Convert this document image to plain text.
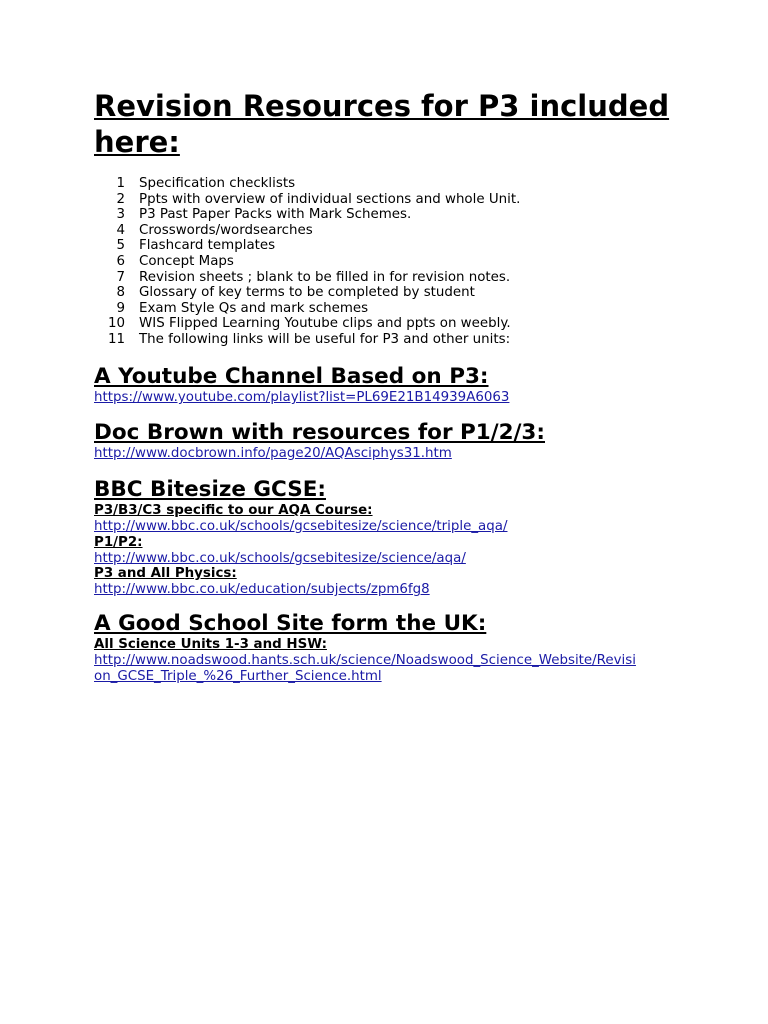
Revision Resources for P3 included here:
1 Specification checklists
2 Ppts with overview of individual sections and whole Unit.
3 P3 Past Paper Packs with Mark Schemes.
4 Crosswords/wordsearches
5 Flashcard templates
6 Concept Maps
7 Revision sheets ; blank to be filled in for revision notes.
8 Glossary of key terms to be completed by student
9 Exam Style Qs and mark schemes
10 WIS Flipped Learning Youtube clips and ppts on weebly.
11 The following links will be useful for P3 and other units:
A Youtube Channel Based on P3:
https://www.youtube.com/playlist?list=PL69E21B14939A6063
Doc Brown with resources for P1/2/3:
http://www.docbrown.info/page20/AQAsciphys31.htm
BBC Bitesize GCSE:
P3/B3/C3 specific to our AQA Course:
http://www.bbc.co.uk/schools/gcsebitesize/science/triple_aqa/
P1/P2:
http://www.bbc.co.uk/schools/gcsebitesize/science/aqa/
P3 and All Physics:
http://www.bbc.co.uk/education/subjects/zpm6fg8
A Good School Site form the UK:
All Science Units 1-3 and HSW:
http://www.noadswood.hants.sch.uk/science/Noadswood_Science_Website/Revisi
on_GCSE_Triple_%26_Further_Science.html
